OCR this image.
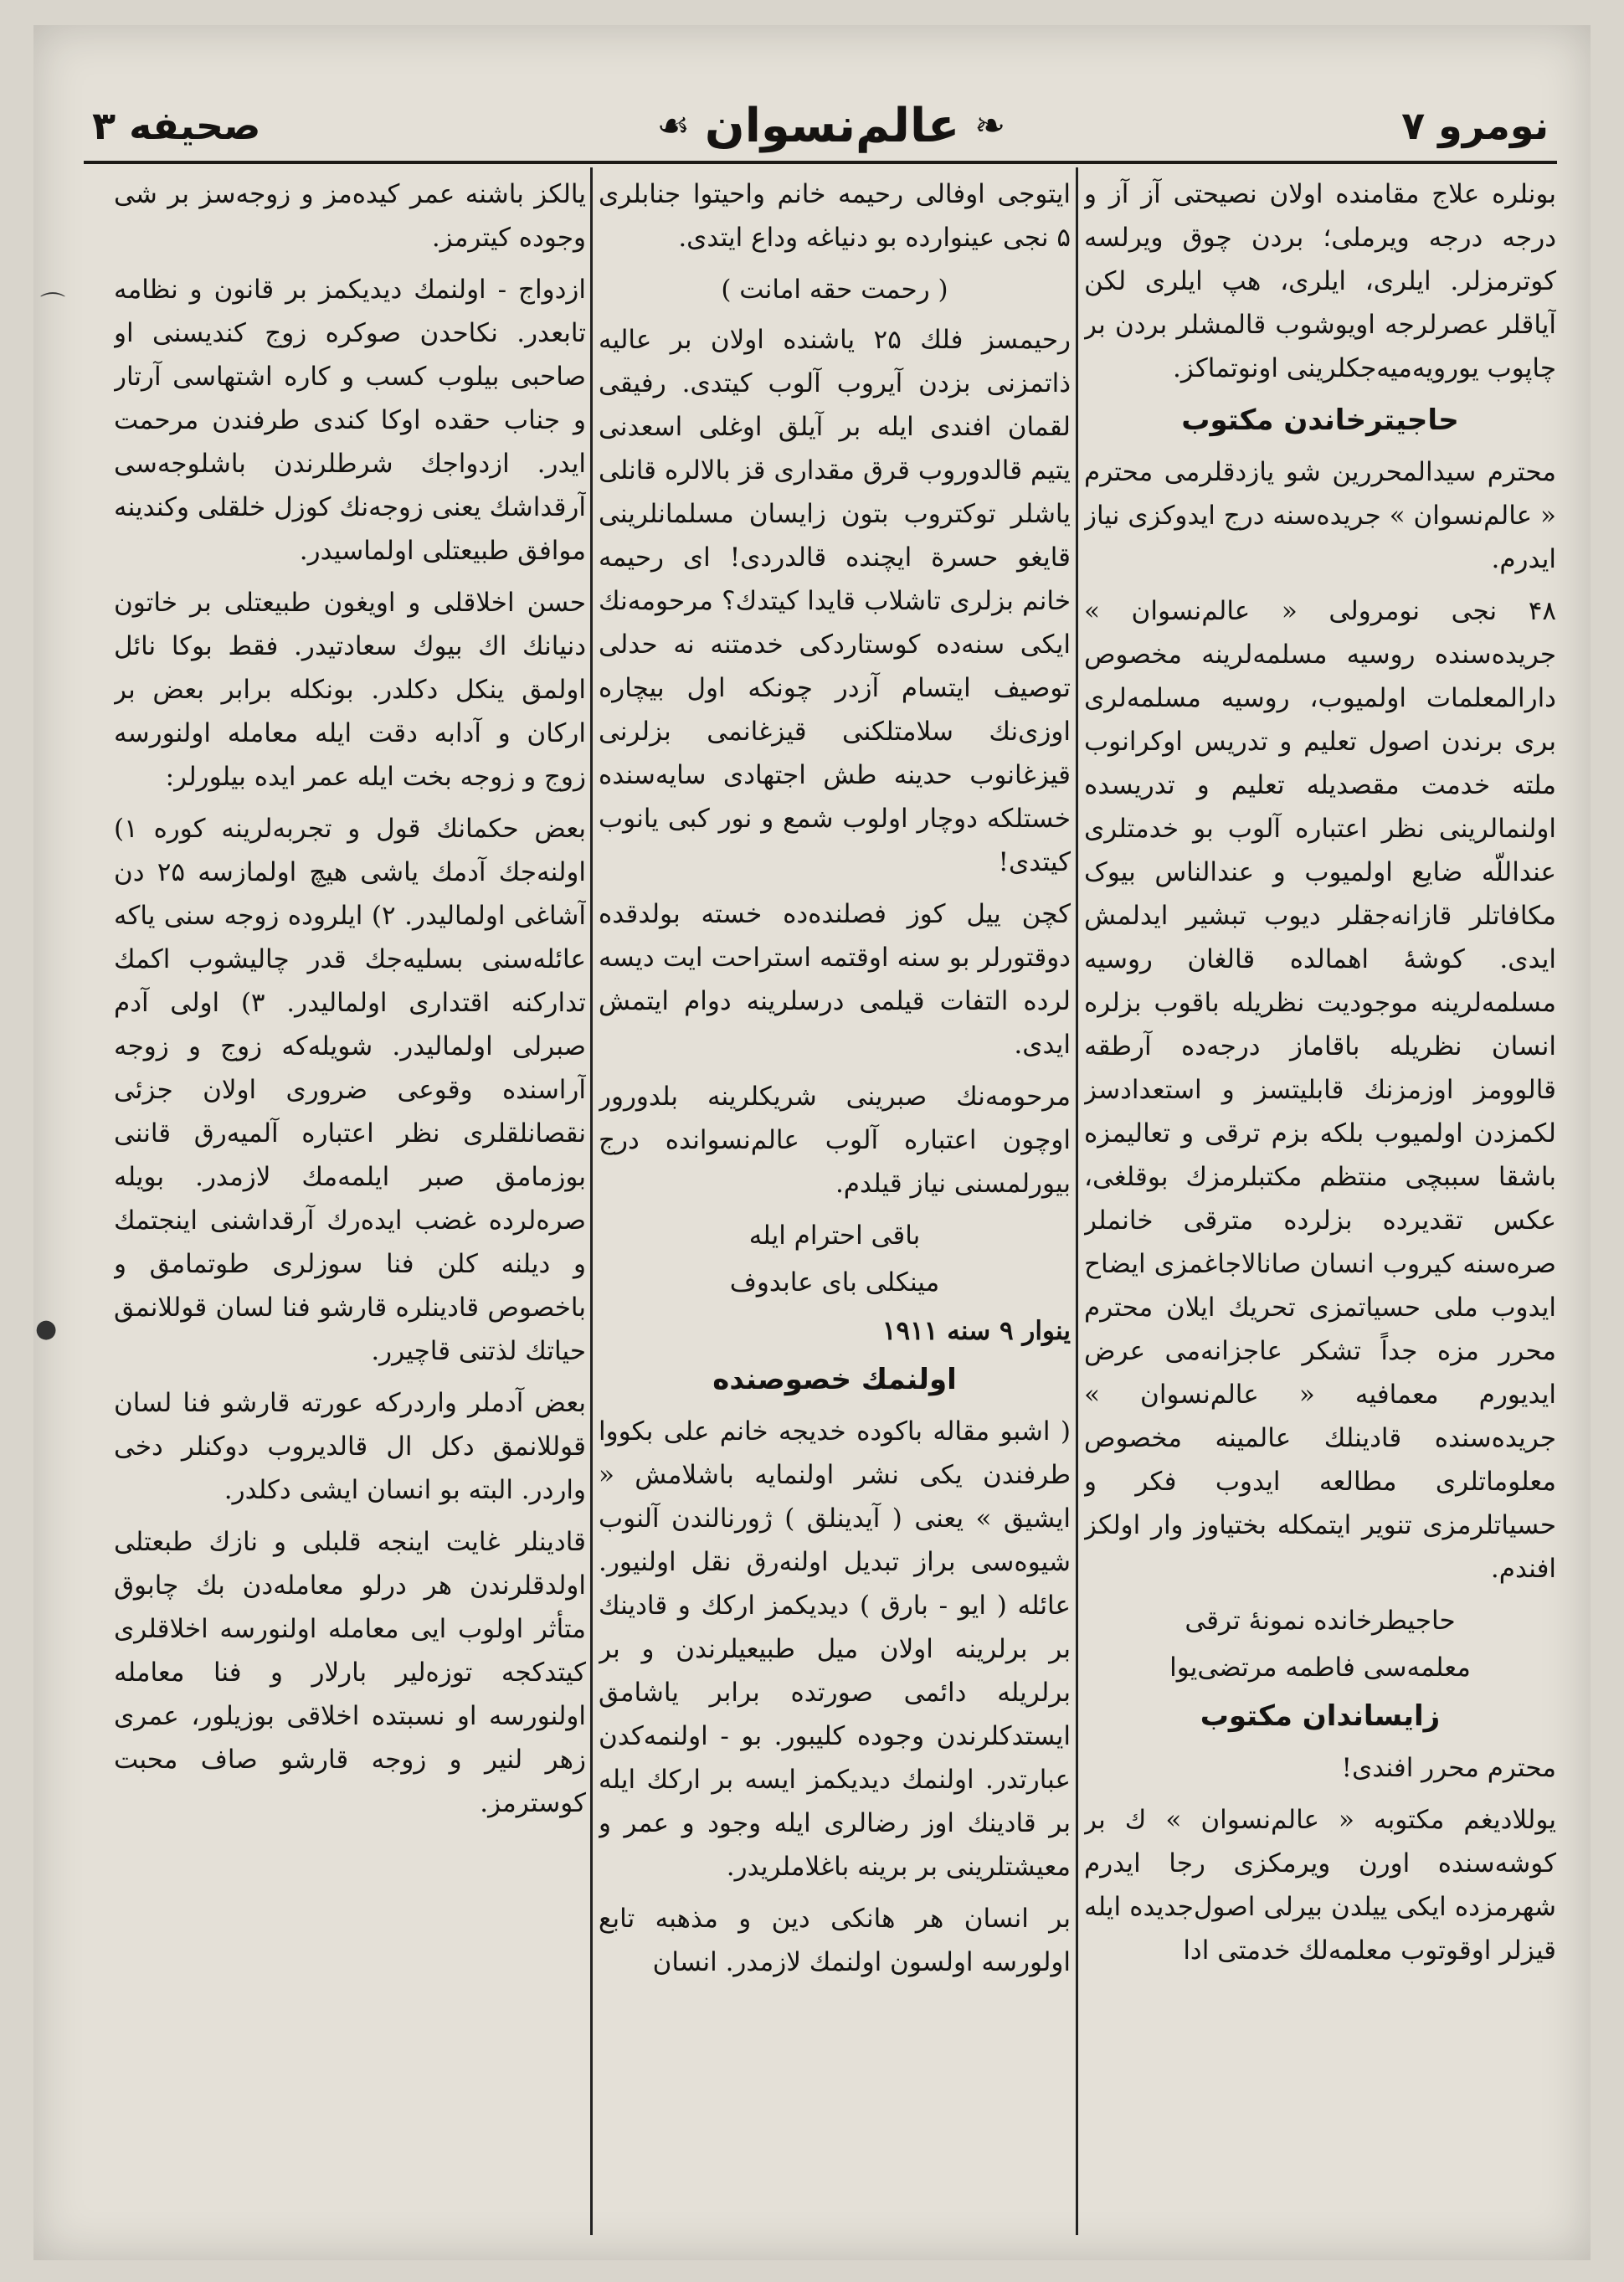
نومرو ۷
❧
عالم‌نسوان
☙
صحیفه ۳

بونلره علاج مقامنده اولان نصیحتی آز آز و درجه درجه ویرملی؛ بردن چوق ویرلسه کوترمزلر. ایلری، ایلری، هپ ایلری لکن آیاقلر عصرلرجه اویوشوب قالمشلر بردن بر چاپوب یورویه‌میه‌جکلرینی اونوتماکز.

حاجیترخاندن مکتوب

محترم سیدالمحررین شو یازدقلرمی محترم « عالم‌نسوان » جریده‌سنه درج ایدوکزی نیاز ایدرم.

۴۸ نجی نومرولی « عالم‌نسوان » جریده‌سنده روسیه مسلمه‌لرینه مخصوص دارالمعلمات اولمیوب، روسیه مسلمه‌لری بری برندن اصول تعلیم و تدریس اوکرانوب ملته خدمت مقصدیله تعلیم و تدریسده اولنمالرینی نظر اعتباره آلوب بو خدمتلری عنداللّه ضایع اولمیوب و عندالناس بیوک مکافاتلر قازانه‌جقلر دیوب تبشیر ایدلمش ایدی. کوشهٔ اهمالده قالغان روسیه مسلمه‌لرینه موجودیت نظریله باقوب بزلره انسان نظریله باقاماز درجه‌ده آرطقه قالوومز اوزمزنك قابلیتسز و استعدادسز لکمزدن اولمیوب بلکه بزم ترقی و تعالیمزه باشقا سببچی منتظم مکتبلرمزك بوقلغی، عکس تقدیرده بزلرده مترقی خانملر صره‌سنه کیروب انسان صانالاجاغمزی ایضاح ایدوب ملی حسیاتمزی تحریك ایلان محترم محرر مزه جداً تشکر عاجزانه‌می عرض ایدیورم معمافیه « عالم‌نسوان » جریده‌سنده قادینلك عالمینه مخصوص معلوماتلری مطالعه ایدوب فکر و حسیاتلرمزی تنویر ایتمکله بختیاوز وار اولکز افندم.

حاجیطرخانده نمونهٔ ترقی
معلمه‌سی فاطمه مرتضی‌یوا
زایساندان مکتوب

محترم محرر افندی!

یوللادیغم مکتوبه « عالم‌نسوان » ك بر کوشه‌سنده اورن ویرمکزی رجا ایدرم شهرمزده ایکی ییلدن بیرلی اصول‌جدیده ایله قیزلر اوقوتوب معلمه‌لك خدمتی ادا

ایتوجی اوفالی رحیمه خانم واحیتوا جنابلری ۵ نجی عینوارده بو دنیاغه وداع ایتدی.

( رحمت حقه امانت )

رحیمسز فلك ۲۵ یاشنده اولان بر عالیه ذاتمزنی بزدن آیروب آلوب کیتدی. رفیقی لقمان افندی ایله بر آیلق اوغلی اسعدنی یتیم قالدوروب قرق مقداری قز بالالره قانلی یاشلر توکتروب بتون زایسان مسلمانلرینی قایغو حسرة ایچنده قالدردی! ای رحیمه خانم بزلری تاشلاب قایدا کیتدك؟ مرحومه‌نك ایکی سنه‌ده کوستاردکی خدمتنه نه حدلی توصیف ایتسام آزدر چونکه اول بیچاره اوزی‌نك سلامتلکنی قیزغانمی بزلرنی قیزغانوب حدینه طش اجتهادی سایه‌سنده خستلکه دوچار اولوب شمع و نور کبی یانوب کیتدی!

کچن ییل کوز فصلنده‌ده خسته بولدقده دوقتورلر بو سنه اوقتمه استراحت ایت دیسه لرده التفات قیلمی درسلرینه دوام ایتمش ایدی.

مرحومه‌نك صبرینی شریکلرینه بلدورور اوچون اعتباره آلوب عالم‌نسوانده درج بیورلمسنی نیاز قیلدم.

باقی احترام ایله
مینکلی بای عابدوف
ینوار ۹ سنه ۱۹۱۱
اولنمك خصوصنده

( اشبو مقاله باکوده خدیجه خانم علی بکووا طرفندن یکی نشر اولنمایه باشلامش « ایشیق » یعنی ( آیدینلق ) ژورنالندن آلنوب شیوه‌سی براز تبدیل اولنه‌رق نقل اولنیور. عائله ( ایو - بارق ) دیدیکمز ارکك و قادینك بر برلرینه اولان میل طبیعیلرندن و بر برلریله دائمی صورتده برابر یاشامق ایستدکلرندن وجوده کلیبور. بو - اولنمه‌کدن عبارتدر. اولنمك دیدیکمز ایسه بر ارکك ایله بر قادینك اوز رضالری ایله وجود و عمر و معیشتلرینی بر برینه باغلاملریدر.

بر انسان هر هانکی دین و مذهبه تابع اولورسه اولسون اولنمك لازمدر. انسان

یالکز باشنه عمر کیده‌مز و زوجه‌سز بر شی وجوده کیترمز.

ازدواج - اولنمك دیدیکمز بر قانون و نظامه تابعدر. نکاحدن صوکره زوج کندیسنی او صاحبی بیلوب کسب و کاره اشتهاسی آرتار و جناب حقده اوکا کندی طرفندن مرحمت ایدر. ازدواجك شرطلرندن باشلوجه‌سی آرقداشك یعنی زوجه‌نك کوزل خلقلی وکندینه موافق طبیعتلی اولماسیدر.

حسن اخلاقلی و اویغون طبیعتلی بر خاتون دنیانك اك بیوك سعادتیدر. فقط بوکا نائل اولمق ینکل دکلدر. بونکله برابر بعض بر ارکان و آدابه دقت ایله معامله اولنورسه زوج و زوجه بخت ایله عمر ایده بیلورلر:

بعض حکمانك قول و تجربه‌لرینه کوره ۱) اولنه‌جك آدمك یاشی هیچ اولمازسه ۲۵ دن آشاغی اولمالیدر. ۲) ایلروده زوجه سنی یاکه عائله‌سنی بسلیه‌جك قدر چالیشوب اکمك تدارکنه اقتداری اولمالیدر. ۳) اولی آدم صبرلی اولمالیدر. شویله‌که زوج و زوجه آراسنده وقوعی ضروری اولان جزئی نقصانلقلری نظر اعتباره آلمیه‌رق قاننی بوزمامق صبر ایلمه‌مك لازمدر. بویله صره‌لرده غضب ایده‌رك آرقداشنی اینجتمك و دیلنه کلن فنا سوزلری طوتمامق و باخصوص قادینلره قارشو فنا لسان قوللانمق حیاتك لذتنی قاچیرر.

بعض آدملر واردرکه عورته قارشو فنا لسان قوللانمق دکل ال قالدیروب دوکنلر دخی واردر. البته بو انسان ایشی دکلدر.

قادینلر غایت اینجه قلبلی و نازك طبعتلی اولدقلرندن هر درلو معامله‌دن بك چابوق متأثر اولوب ایی معامله اولنورسه اخلاقلری کیتدکجه توزه‌لیر بارلار و فنا معامله اولنورسه او نسبتده اخلاقی بوزیلور، عمری زهر لنیر و زوجه قارشو صاف محبت کوسترمز.

⌒
●
